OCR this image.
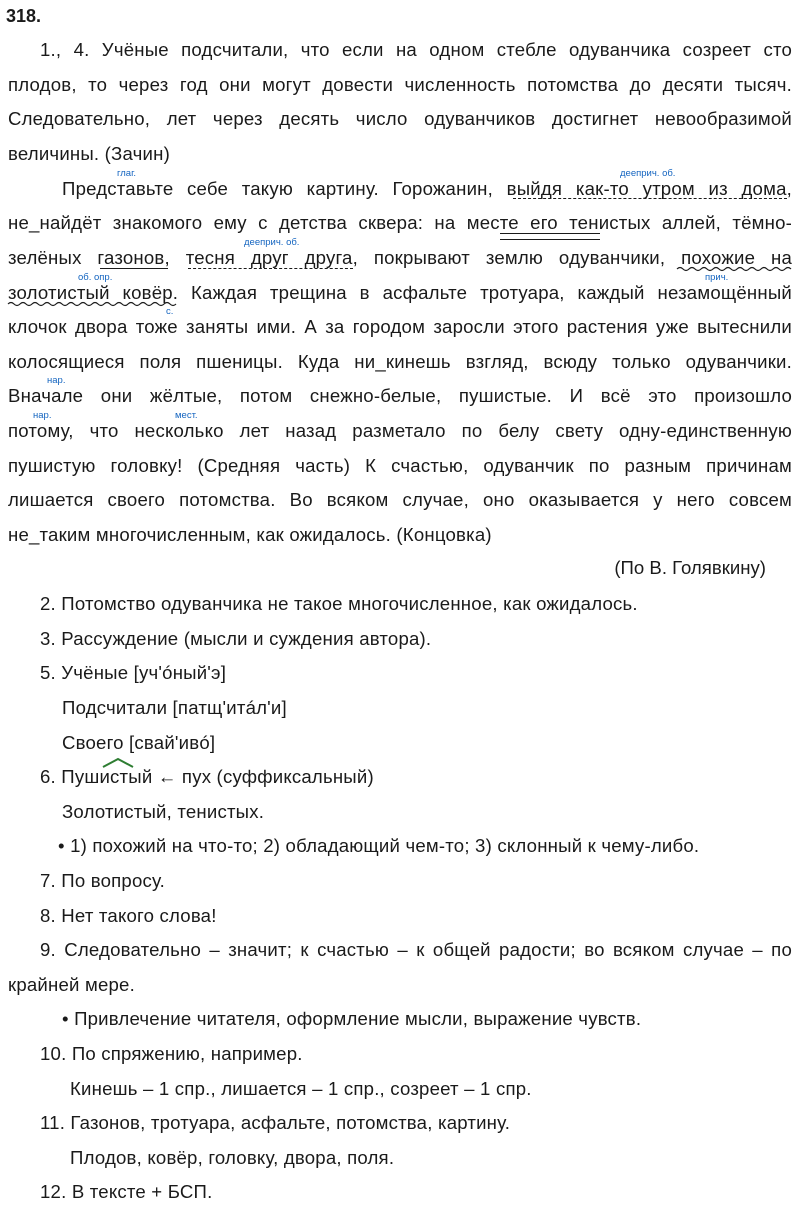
318.
1., 4. Учёные подсчитали, что если на одном стебле одуванчика созреет сто
плодов, то через год они могут довести численность потомства до десяти тысяч.
Следовательно, лет через десять число одуванчиков достигнет невообразимой
величины. (Зачин)
Представьте себе такую картину. Горожанин, выйдя как-то утром из дома,
не_найдёт знакомого ему с детства сквера: на месте его тенистых аллей, тёмно-
зелёных газонов, тесня друг друга, покрывают землю одуванчики, похожие на
золотистый ковёр. Каждая трещина в асфальте тротуара, каждый незамощённый
клочок двора тоже заняты ими. А за городом заросли этого растения уже вытеснили
колосящиеся поля пшеницы. Куда ни_кинешь взгляд, всюду только одуванчики.
Вначале они жёлтые, потом снежно-белые, пушистые. И всё это произошло
потому, что несколько лет назад разметало по белу свету одну-единственную
пушистую головку! (Средняя часть) К счастью, одуванчик по разным причинам
лишается своего потомства. Во всяком случае, оно оказывается у него совсем
не_таким многочисленным, как ожидалось. (Концовка)
глаг.	дееприч. об.
дееприч. об.
об. опр.	прич.
с.
нар.
нар.	мест.
(По В. Голявкину)
2. Потомство одуванчика не такое многочисленное, как ожидалось.
3. Рассуждение (мысли и суждения автора).
5. Учёные [уч'óный'э]
Подсчитали [патщ'итáл'и]
Своего [свай'ивó]
6. Пушистый ← пух (суффиксальный)
Золотистый, тенистых.
• 1) похожий на что-то; 2) обладающий чем-то; 3) склонный к чему-либо.
7. По вопросу.
8. Нет такого слова!
9. Следовательно – значит; к счастью – к общей радости; во всяком случае – по
крайней мере.
• Привлечение читателя, оформление мысли, выражение чувств.
10. По спряжению, например.
Кинешь – 1 спр., лишается – 1 спр., созреет – 1 спр.
11. Газонов, тротуара, асфальте, потомства, картину.
Плодов, ковёр, головку, двора, поля.
12. В тексте + БСП.
